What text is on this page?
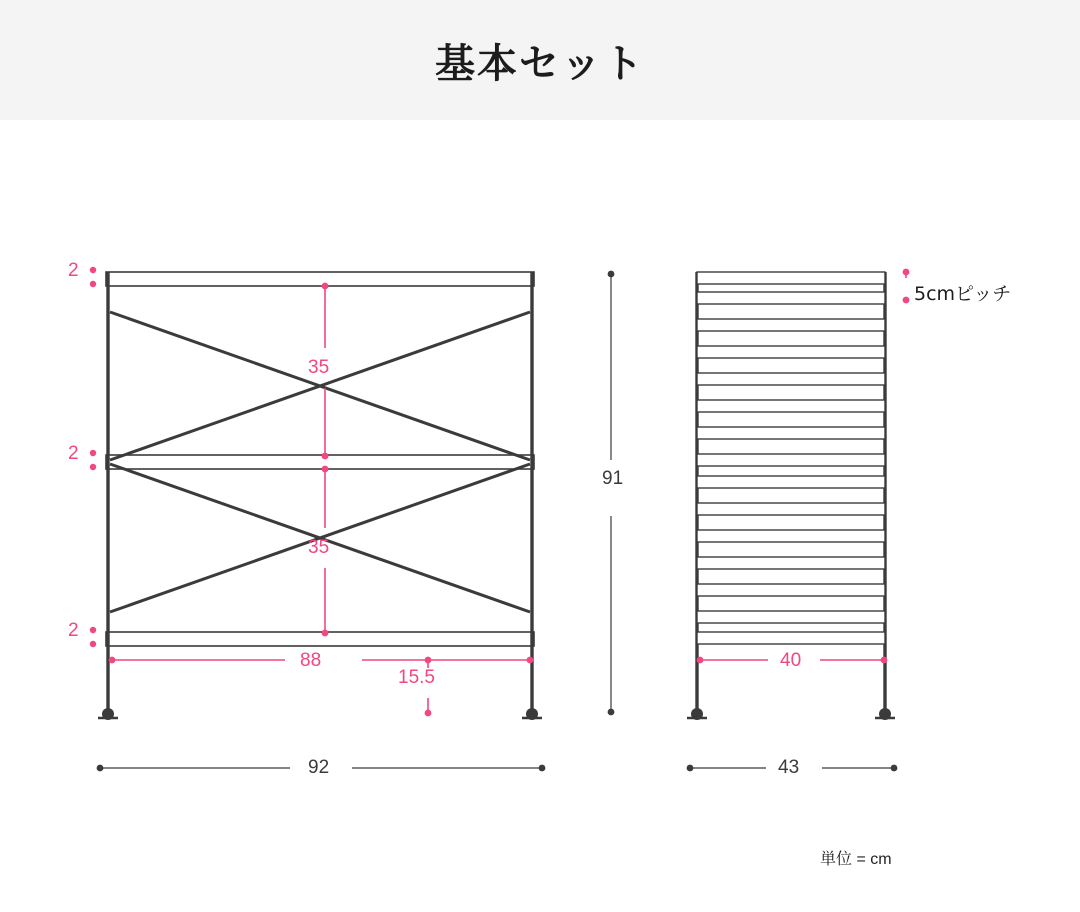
基本セット
2
2
2
35
35
88
15.5
91
92
40
43
5cmピッチ
単位 = cm
